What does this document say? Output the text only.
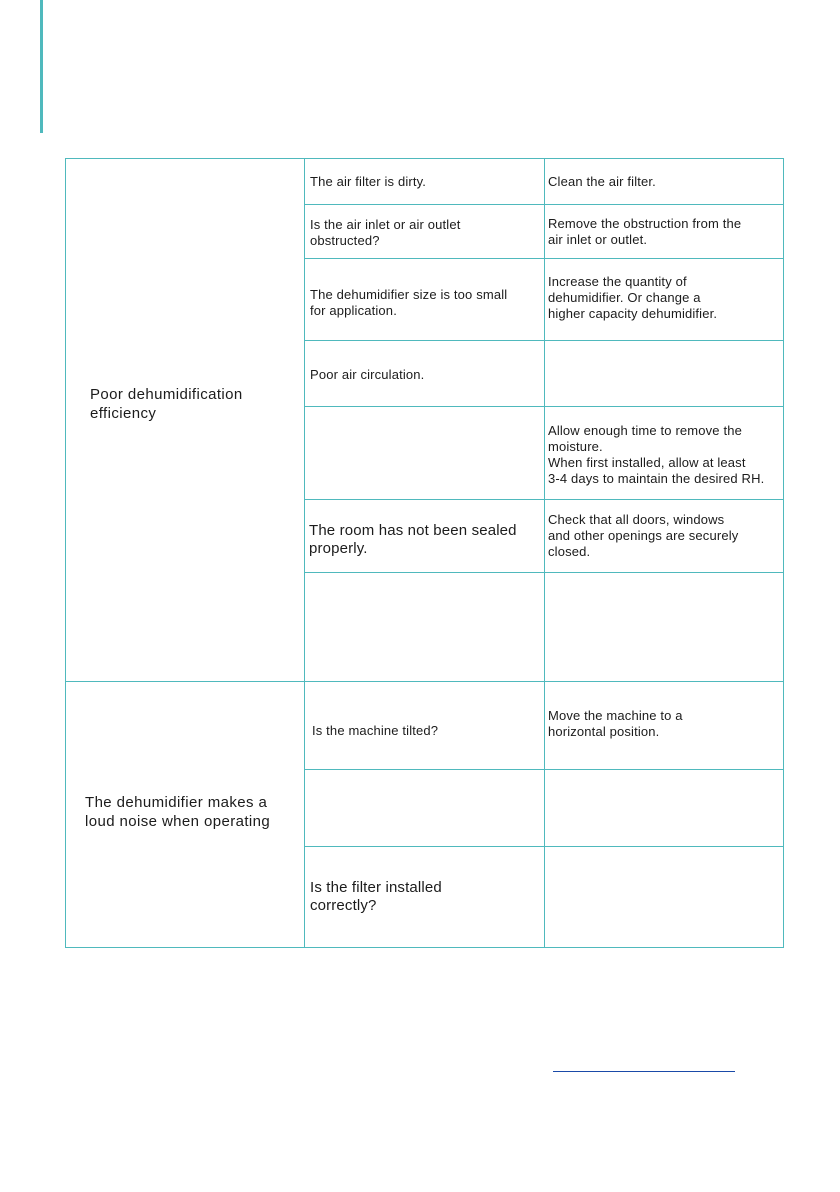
Poor dehumidification
efficiency
The dehumidifier makes a
loud noise when operating
The air filter is dirty.
Is the air inlet or air outlet
obstructed?
The dehumidifier size is too small
for application.
Poor air circulation.
The room has not been sealed
properly.
Is the machine tilted?
Is the filter installed
correctly?
Clean the air filter.
Remove the obstruction from the
air inlet or outlet.
Increase the quantity of
dehumidifier. Or change a
higher capacity dehumidifier.
Allow enough time to remove the
moisture.
When first installed, allow at least
3-4 days to maintain the desired RH.
Check that all doors, windows
and other openings are securely
closed.
Move the machine to a
horizontal position.
